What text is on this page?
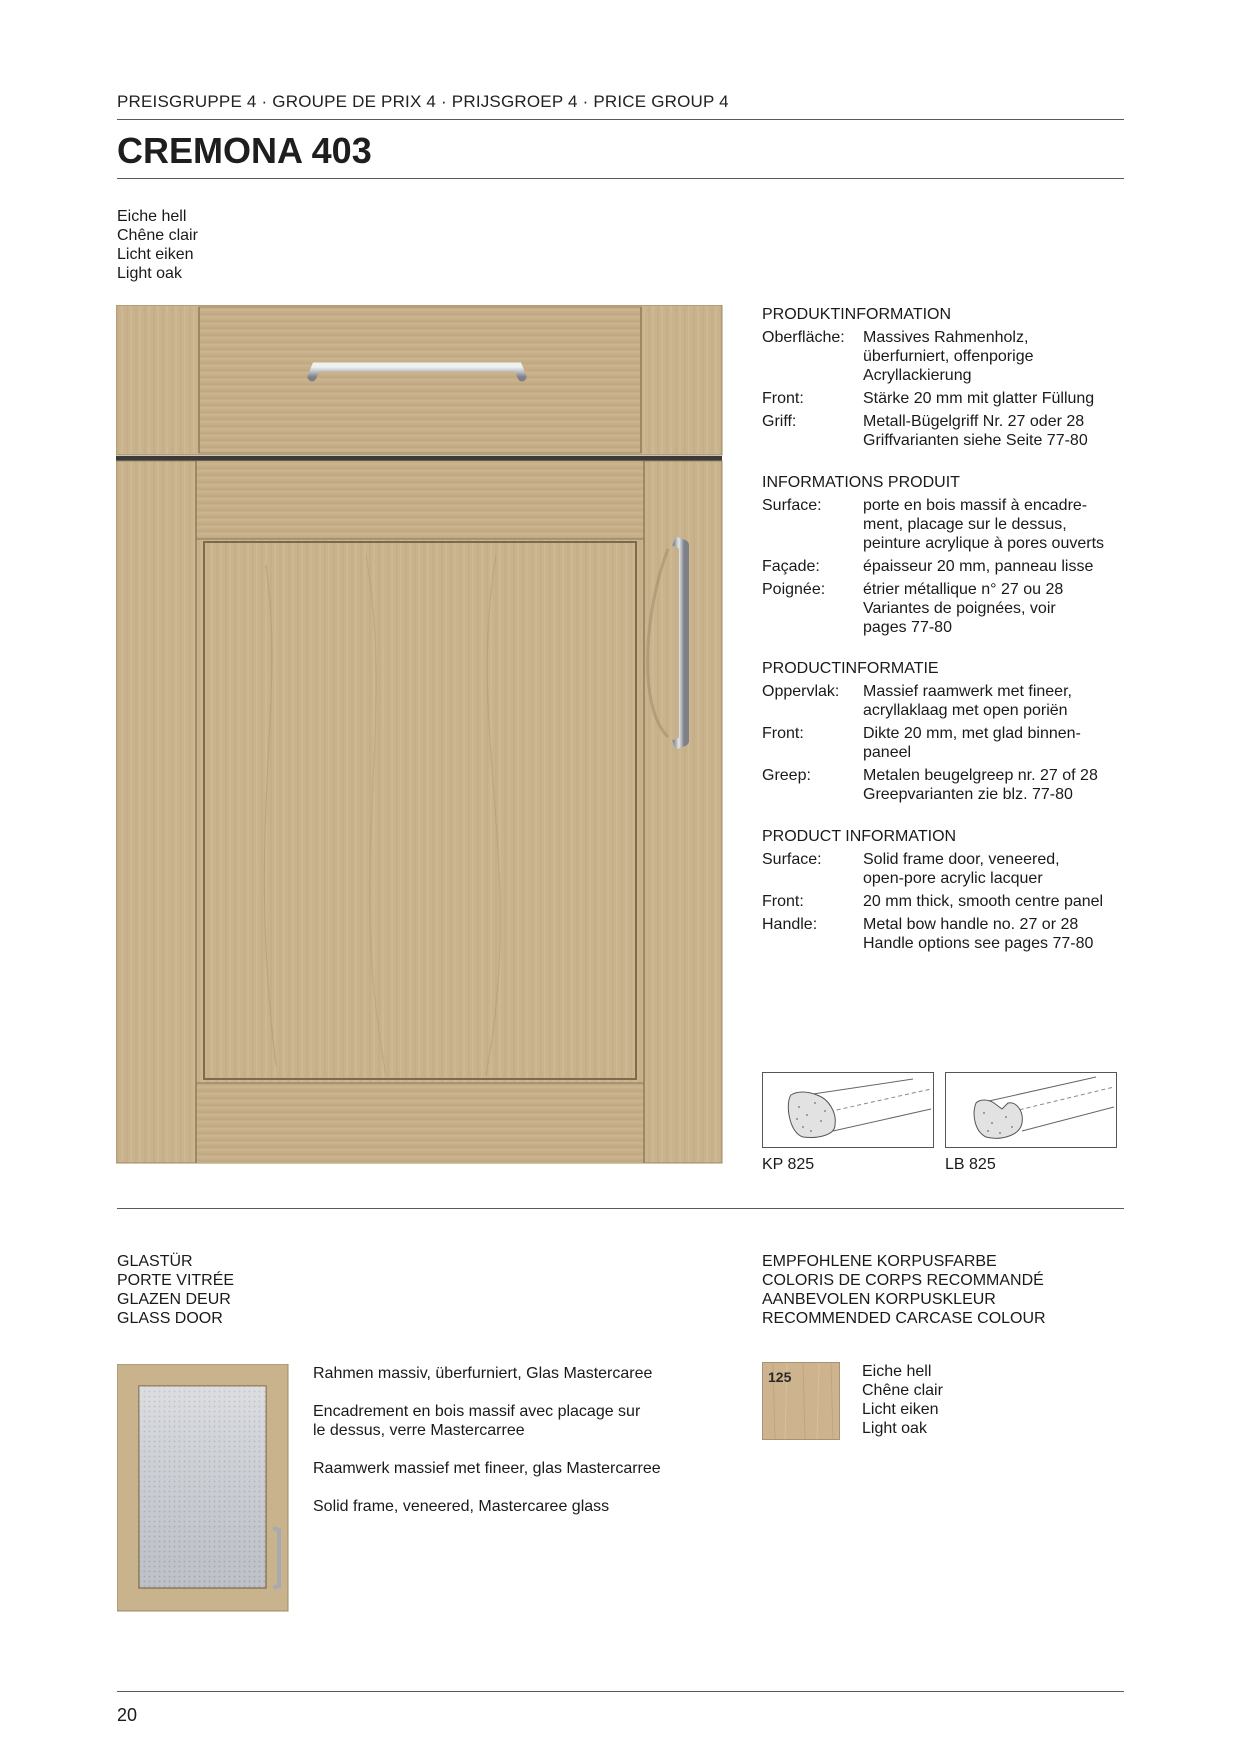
PREISGRUPPE 4 · GROUPE DE PRIX 4 · PRIJSGROEP 4 · PRICE GROUP 4
CREMONA 403
Eiche hell
Chêne clair
Licht eiken
Light oak
PRODUKTINFORMATION
Oberfläche:	Massives Rahmenholz,
überfurniert, offenporige
Acryllackierung
Front:	Stärke 20 mm mit glatter Füllung
Griff:	Metall-Bügelgriff Nr. 27 oder 28
Griffvarianten siehe Seite 77-80
INFORMATIONS PRODUIT
Surface:	porte en bois massif à encadre-
ment, placage sur le dessus,
peinture acrylique à pores ouverts
Façade:	épaisseur 20 mm, panneau lisse
Poignée:	étrier métallique n° 27 ou 28
Variantes de poignées, voir
pages 77-80
PRODUCTINFORMATIE
Oppervlak:	Massief raamwerk met fineer,
acryllaklaag met open poriën
Front:	Dikte 20 mm, met glad binnen-
paneel
Greep:	Metalen beugelgreep nr. 27 of 28
Greepvarianten zie blz. 77-80
PRODUCT INFORMATION
Surface:	Solid frame door, veneered,
open-pore acrylic lacquer
Front:	20 mm thick, smooth centre panel
Handle:	Metal bow handle no. 27 or 28
Handle options see pages 77-80
KP 825	LB 825
GLASTÜR
PORTE VITRÉE
GLAZEN DEUR
GLASS DOOR
Rahmen massiv, überfurniert, Glas Mastercaree
Encadrement en bois massif avec placage sur
le dessus, verre Mastercarree
Raamwerk massief met fineer, glas Mastercarree
Solid frame, veneered, Mastercaree glass
EMPFOHLENE KORPUSFARBE
COLORIS DE CORPS RECOMMANDÉ
AANBEVOLEN KORPUSKLEUR
RECOMMENDED CARCASE COLOUR
125	Eiche hell
Chêne clair
Licht eiken
Light oak
20
